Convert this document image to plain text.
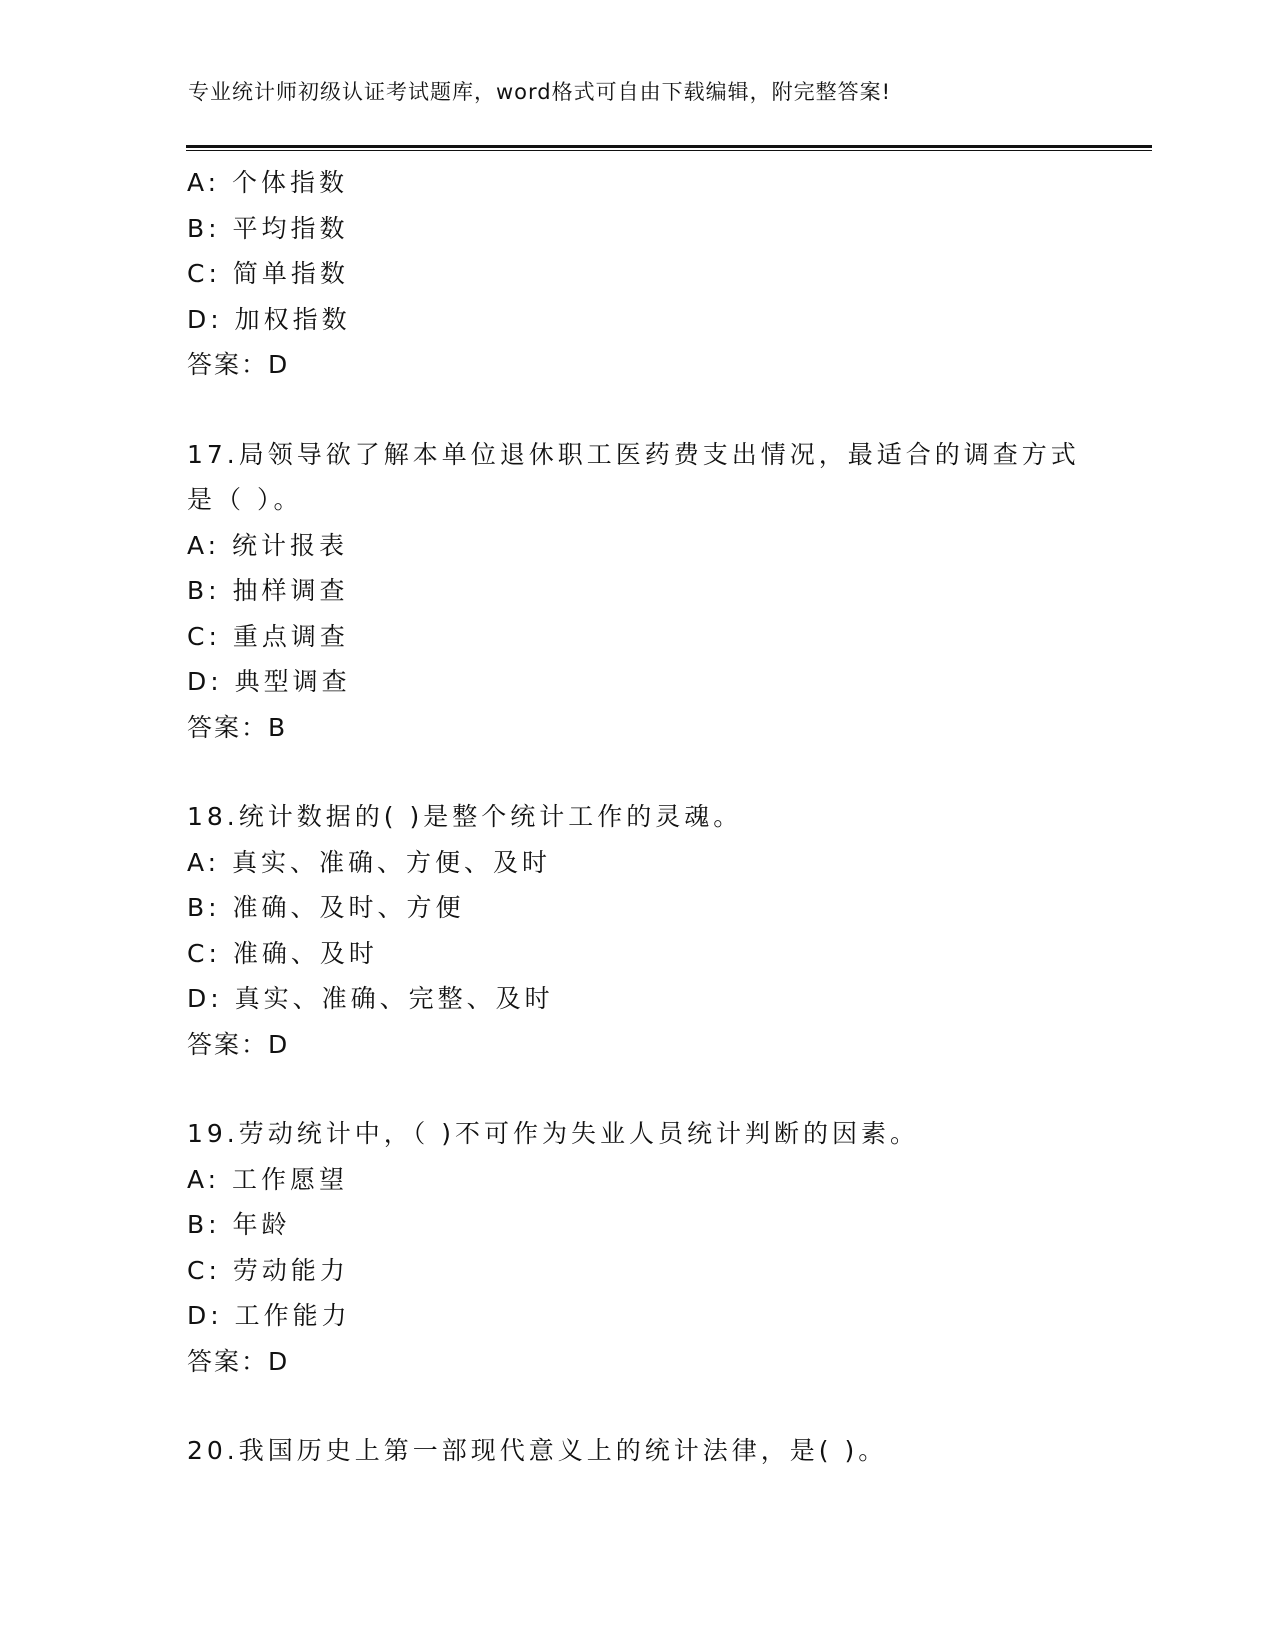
专业统计师初级认证考试题库，word格式可自由下载编辑，附完整答案!
A: 个体指数
B: 平均指数
C: 简单指数
D: 加权指数
答案：D
17.局领导欲了解本单位退休职工医药费支出情况，最适合的调查方式
是（ ）。
A: 统计报表
B: 抽样调查
C: 重点调查
D: 典型调查
答案：B
18.统计数据的( )是整个统计工作的灵魂。
A: 真实、准确、方便、及时
B: 准确、及时、方便
C: 准确、及时
D: 真实、准确、完整、及时
答案：D
19.劳动统计中，（ )不可作为失业人员统计判断的因素。
A: 工作愿望
B: 年龄
C: 劳动能力
D: 工作能力
答案：D
20.我国历史上第一部现代意义上的统计法律，是( )。
